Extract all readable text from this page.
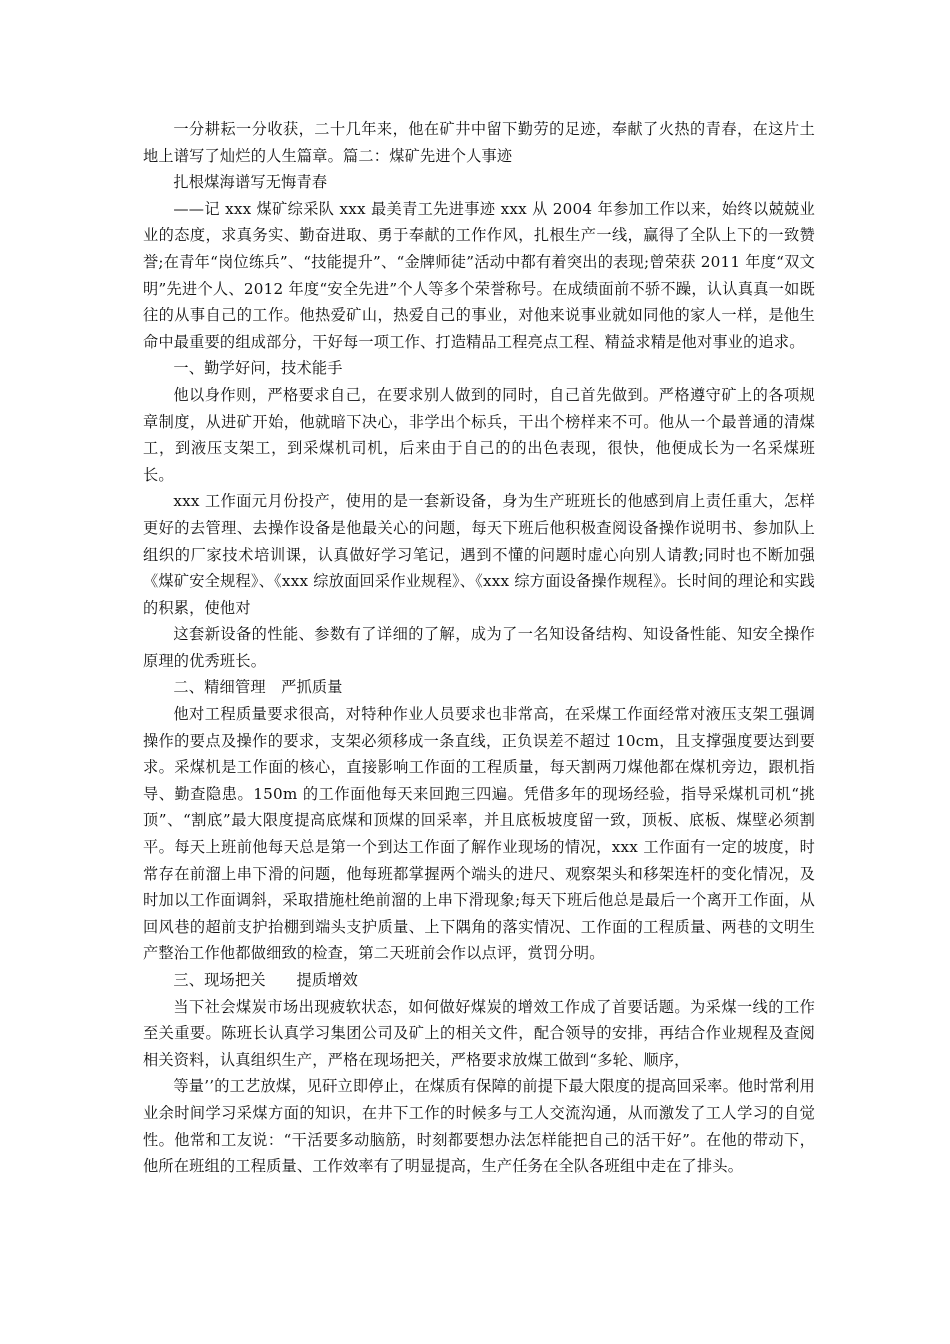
一分耕耘一分收获，二十几年来，他在矿井中留下勤劳的足迹，奉献了火热的青春，在这片土地上谱写了灿烂的人生篇章。篇二：煤矿先进个人事迹

扎根煤海谱写无悔青春

——记 xxx 煤矿综采队 xxx 最美青工先进事迹 xxx 从 2004 年参加工作以来，始终以兢兢业业的态度，求真务实、勤奋进取、勇于奉献的工作作风，扎根生产一线，赢得了全队上下的一致赞誉;在青年“岗位练兵”、“技能提升”、“金牌师徒”活动中都有着突出的表现;曾荣获 2011 年度“双文明”先进个人、2012 年度“安全先进”个人等多个荣誉称号。在成绩面前不骄不躁，认认真真一如既往的从事自己的工作。他热爱矿山，热爱自己的事业，对他来说事业就如同他的家人一样，是他生命中最重要的组成部分，干好每一项工作、打造精品工程亮点工程、精益求精是他对事业的追求。

一、勤学好问，技术能手

他以身作则，严格要求自己，在要求别人做到的同时，自己首先做到。严格遵守矿上的各项规章制度，从进矿开始，他就暗下决心，非学出个标兵，干出个榜样来不可。他从一个最普通的清煤工，到液压支架工，到采煤机司机，后来由于自己的的出色表现，很快，他便成长为一名采煤班长。

xxx 工作面元月份投产，使用的是一套新设备，身为生产班班长的他感到肩上责任重大，怎样更好的去管理、去操作设备是他最关心的问题，每天下班后他积极查阅设备操作说明书、参加队上组织的厂家技术培训课，认真做好学习笔记，遇到不懂的问题时虚心向别人请教;同时也不断加强《煤矿安全规程》、《xxx 综放面回采作业规程》、《xxx 综方面设备操作规程》。长时间的理论和实践的积累，使他对

这套新设备的性能、参数有了详细的了解，成为了一名知设备结构、知设备性能、知安全操作原理的优秀班长。

二、精细管理　严抓质量

他对工程质量要求很高，对特种作业人员要求也非常高，在采煤工作面经常对液压支架工强调操作的要点及操作的要求，支架必须移成一条直线，正负误差不超过 10cm，且支撑强度要达到要求。采煤机是工作面的核心，直接影响工作面的工程质量，每天割两刀煤他都在煤机旁边，跟机指导、勤查隐患。150m 的工作面他每天来回跑三四遍。凭借多年的现场经验，指导采煤机司机“挑顶”、“割底”最大限度提高底煤和顶煤的回采率，并且底板坡度留一致，顶板、底板、煤壁必须割平。每天上班前他每天总是第一个到达工作面了解作业现场的情况，xxx 工作面有一定的坡度，时常存在前溜上串下滑的问题，他每班都掌握两个端头的进尺、观察架头和移架连杆的变化情况，及时加以工作面调斜，采取措施杜绝前溜的上串下滑现象;每天下班后他总是最后一个离开工作面，从回风巷的超前支护抬棚到端头支护质量、上下隅角的落实情况、工作面的工程质量、两巷的文明生产整治工作他都做细致的检查，第二天班前会作以点评，赏罚分明。

三、现场把关　　提质增效

当下社会煤炭市场出现疲软状态，如何做好煤炭的增效工作成了首要话题。为采煤一线的工作至关重要。陈班长认真学习集团公司及矿上的相关文件，配合领导的安排，再结合作业规程及查阅相关资料，认真组织生产，严格在现场把关，严格要求放煤工做到“多轮、顺序，

等量’’的工艺放煤，见矸立即停止，在煤质有保障的前提下最大限度的提高回采率。他时常利用业余时间学习采煤方面的知识，在井下工作的时候多与工人交流沟通，从而激发了工人学习的自觉性。他常和工友说：“干活要多动脑筋，时刻都要想办法怎样能把自己的活干好”。在他的带动下，他所在班组的工程质量、工作效率有了明显提高，生产任务在全队各班组中走在了排头。
